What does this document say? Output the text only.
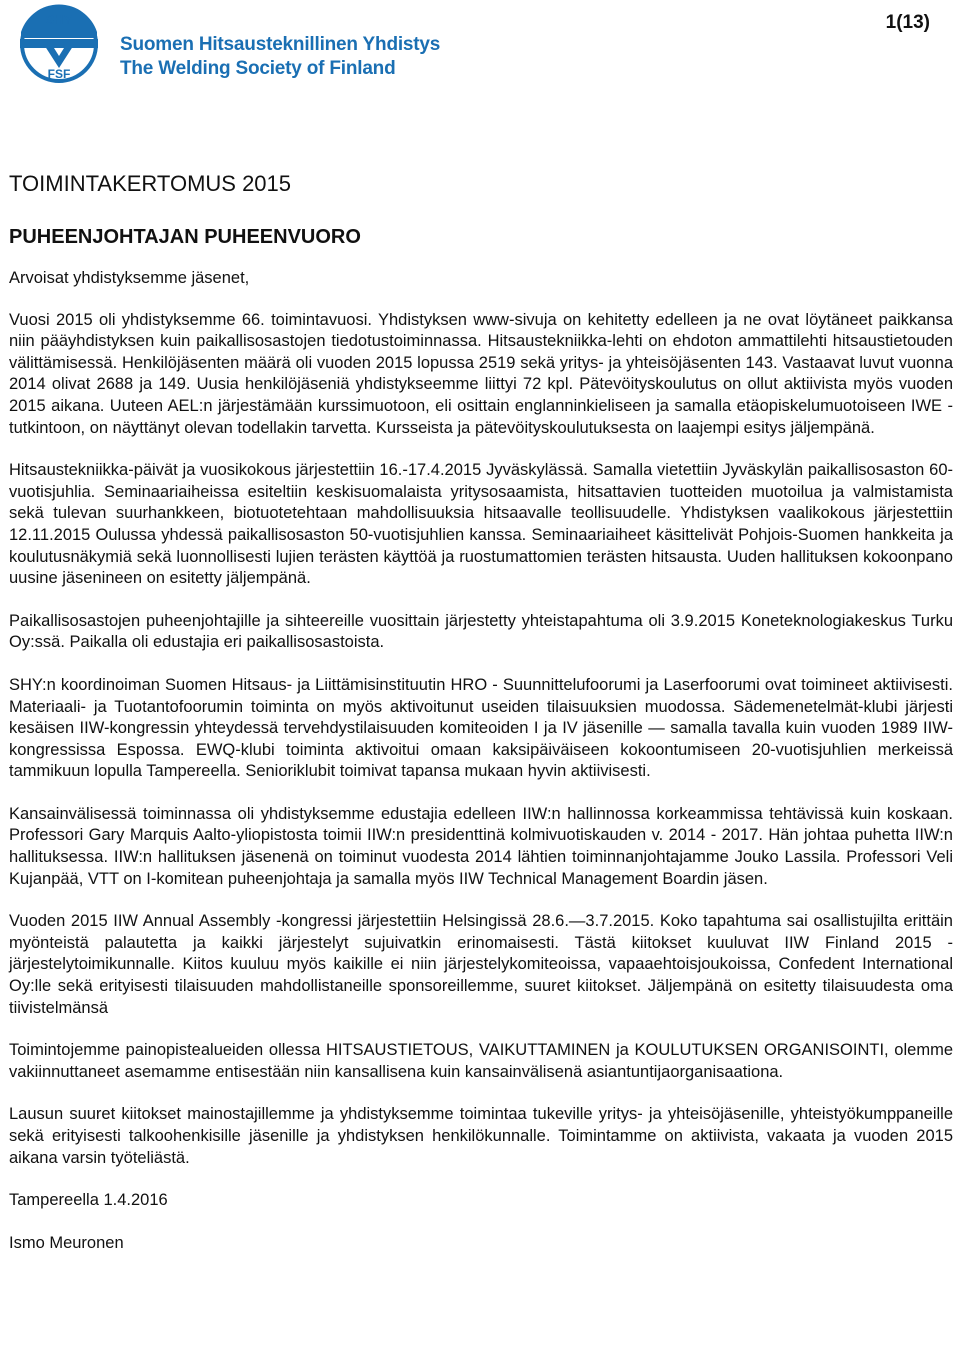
SHY
FSF
Suomen Hitsausteknillinen Yhdistys
The Welding Society of Finland
1(13)
TOIMINTAKERTOMUS 2015
PUHEENJOHTAJAN PUHEENVUORO
Arvoisat yhdistyksemme jäsenet,
Vuosi 2015 oli yhdistyksemme 66. toimintavuosi. Yhdistyksen www-sivuja on kehitetty edelleen ja ne ovat löytäneet paikkansa niin pääyhdistyksen kuin paikallisosastojen tiedotustoiminnassa. Hitsaustekniikka-lehti on ehdoton ammattilehti hitsaustietouden välittämisessä. Henkilöjäsenten määrä oli vuoden 2015 lopussa 2519 sekä yritys- ja yhteisöjäsenten 143. Vastaavat luvut vuonna 2014 olivat 2688 ja 149. Uusia henkilöjäseniä yhdistykseemme liittyi 72 kpl. Pätevöityskoulutus on ollut aktiivista myös vuoden 2015 aikana. Uuteen AEL:n järjestämään kurssimuotoon, eli osittain englanninkieliseen ja samalla etäopiskelumuotoiseen IWE -tutkintoon, on näyttänyt olevan todellakin tarvetta. Kursseista ja pätevöityskoulutuksesta on laajempi esitys jäljempänä.
Hitsaustekniikka-päivät ja vuosikokous järjestettiin 16.-17.4.2015 Jyväskylässä. Samalla vietettiin Jyväskylän paikallisosaston 60-vuotisjuhlia. Seminaariaiheissa esiteltiin keskisuomalaista yritysosaamista, hitsattavien tuotteiden muotoilua ja valmistamista sekä tulevan suurhankkeen, biotuotetehtaan mahdollisuuksia hitsaavalle teollisuudelle. Yhdistyksen vaalikokous järjestettiin 12.11.2015 Oulussa yhdessä paikallisosaston 50-vuotisjuhlien kanssa. Seminaariaiheet käsittelivät Pohjois-Suomen hankkeita ja koulutusnäkymiä sekä luonnollisesti lujien terästen käyttöä ja ruostumattomien terästen hitsausta. Uuden hallituksen kokoonpano uusine jäsenineen on esitetty jäljempänä.
Paikallisosastojen puheenjohtajille ja sihteereille vuosittain järjestetty yhteistapahtuma oli 3.9.2015 Koneteknologiakeskus Turku Oy:ssä. Paikalla oli edustajia eri paikallisosastoista.
SHY:n koordinoiman Suomen Hitsaus- ja Liittämisinstituutin HRO - Suunnittelufoorumi ja Laserfoorumi ovat toimineet aktiivisesti. Materiaali- ja Tuotantofoorumin toiminta on myös aktivoitunut useiden tilaisuuksien muodossa. Sädemenetelmät-klubi järjesti kesäisen IIW-kongressin yhteydessä tervehdystilaisuuden komiteoiden I ja IV jäsenille — samalla tavalla kuin vuoden 1989 IIW-kongressissa Espossa. EWQ-klubi toiminta aktivoitui omaan kaksipäiväiseen kokoontumiseen 20-vuotisjuhlien merkeissä tammikuun lopulla Tampereella. Senioriklubit toimivat tapansa mukaan hyvin aktiivisesti.
Kansainvälisessä toiminnassa oli yhdistyksemme edustajia edelleen IIW:n hallinnossa korkeammissa tehtävissä kuin koskaan. Professori Gary Marquis Aalto-yliopistosta toimii IIW:n presidenttinä kolmivuotiskauden v. 2014 - 2017. Hän johtaa puhetta IIW:n hallituksessa. IIW:n hallituksen jäsenenä on toiminut vuodesta 2014 lähtien toiminnanjohtajamme Jouko Lassila. Professori Veli Kujanpää, VTT on I-komitean puheenjohtaja ja samalla myös IIW Technical Management Boardin jäsen.
Vuoden 2015 IIW Annual Assembly -kongressi järjestettiin Helsingissä 28.6.—3.7.2015. Koko tapahtuma sai osallistujilta erittäin myönteistä palautetta ja kaikki järjestelyt sujuivatkin erinomaisesti. Tästä kiitokset kuuluvat IIW Finland 2015 -järjestelytoimikunnalle. Kiitos kuuluu myös kaikille ei niin järjestelykomiteoissa, vapaaehtoisjoukoissa, Confedent International Oy:lle sekä erityisesti tilaisuuden mahdollistaneille sponsoreillemme, suuret kiitokset. Jäljempänä on esitetty tilaisuudesta oma tiivistelmänsä
Toimintojemme painopistealueiden ollessa HITSAUSTIETOUS, VAIKUTTAMINEN ja KOULUTUKSEN ORGANISOINTI, olemme vakiinnuttaneet asemamme entisestään niin kansallisena kuin kansainvälisenä asiantuntijaorganisaationa.
Lausun suuret kiitokset mainostajillemme ja yhdistyksemme toimintaa tukeville yritys- ja yhteisöjäsenille, yhteistyökumppaneille sekä erityisesti talkoohenkisille jäsenille ja yhdistyksen henkilökunnalle. Toimintamme on aktiivista, vakaata ja vuoden 2015 aikana varsin työteliästä.
Tampereella 1.4.2016
Ismo Meuronen
